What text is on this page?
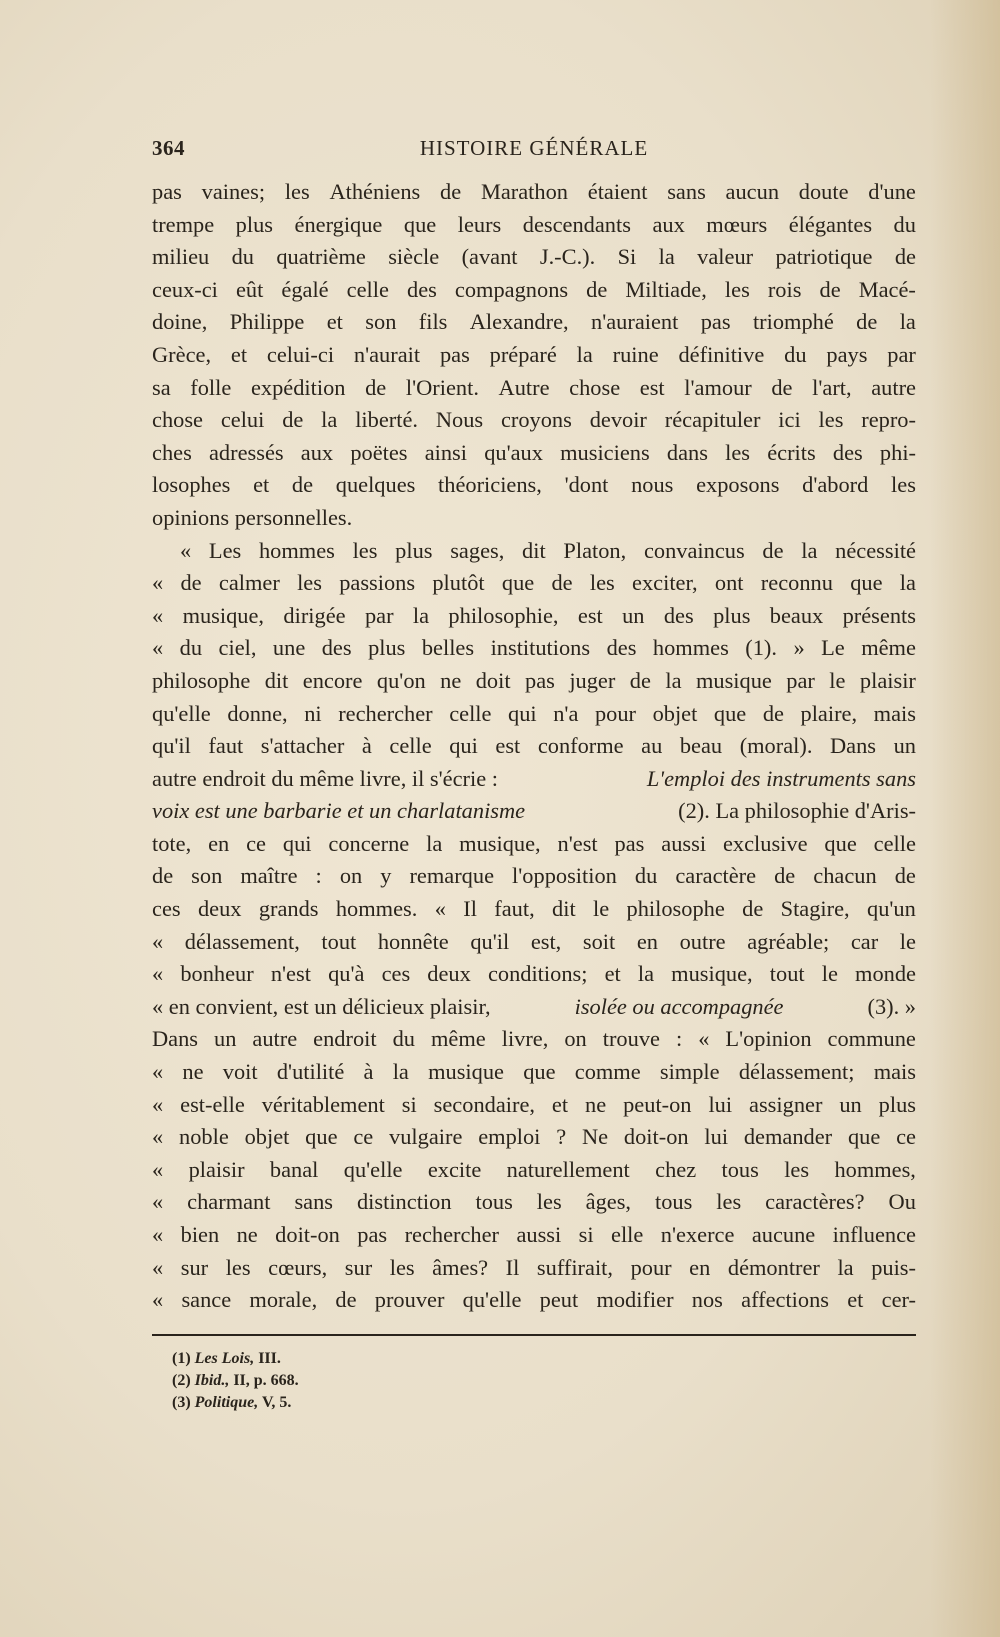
364	HISTOIRE GÉNÉRALE
pas vaines; les Athéniens de Marathon étaient sans aucun doute d'une
trempe plus énergique que leurs descendants aux mœurs élégantes du
milieu du quatrième siècle (avant J.-C.). Si la valeur patriotique de
ceux-ci eût égalé celle des compagnons de Miltiade, les rois de Macé-
doine, Philippe et son fils Alexandre, n'auraient pas triomphé de la
Grèce, et celui-ci n'aurait pas préparé la ruine définitive du pays par
sa folle expédition de l'Orient. Autre chose est l'amour de l'art, autre
chose celui de la liberté. Nous croyons devoir récapituler ici les repro-
ches adressés aux poëtes ainsi qu'aux musiciens dans les écrits des phi-
losophes et de quelques théoriciens, 'dont nous exposons d'abord les
opinions personnelles.
« Les hommes les plus sages, dit Platon, convaincus de la nécessité
« de calmer les passions plutôt que de les exciter, ont reconnu que la
« musique, dirigée par la philosophie, est un des plus beaux présents
« du ciel, une des plus belles institutions des hommes (1). » Le même
philosophe dit encore qu'on ne doit pas juger de la musique par le plaisir
qu'elle donne, ni rechercher celle qui n'a pour objet que de plaire, mais
qu'il faut s'attacher à celle qui est conforme au beau (moral). Dans un
autre endroit du même livre, il s'écrie :	L'emploi des instruments sans
voix est une barbarie et un charlatanisme	(2). La philosophie d'Aris-
tote, en ce qui concerne la musique, n'est pas aussi exclusive que celle
de son maître : on y remarque l'opposition du caractère de chacun de
ces deux grands hommes. « Il faut, dit le philosophe de Stagire, qu'un
« délassement, tout honnête qu'il est, soit en outre agréable; car le
« bonheur n'est qu'à ces deux conditions; et la musique, tout le monde
« en convient, est un délicieux plaisir,	isolée ou accompagnée	(3). »
Dans un autre endroit du même livre, on trouve : « L'opinion commune
« ne voit d'utilité à la musique que comme simple délassement; mais
« est-elle véritablement si secondaire, et ne peut-on lui assigner un plus
« noble objet que ce vulgaire emploi ? Ne doit-on lui demander que ce
« plaisir banal qu'elle excite naturellement chez tous les hommes,
« charmant sans distinction tous les âges, tous les caractères? Ou
« bien ne doit-on pas rechercher aussi si elle n'exerce aucune influence
« sur les cœurs, sur les âmes? Il suffirait, pour en démontrer la puis-
« sance morale, de prouver qu'elle peut modifier nos affections et cer-
(1) Les Lois, III.
(2) Ibid., II, p. 668.
(3) Politique, V, 5.
